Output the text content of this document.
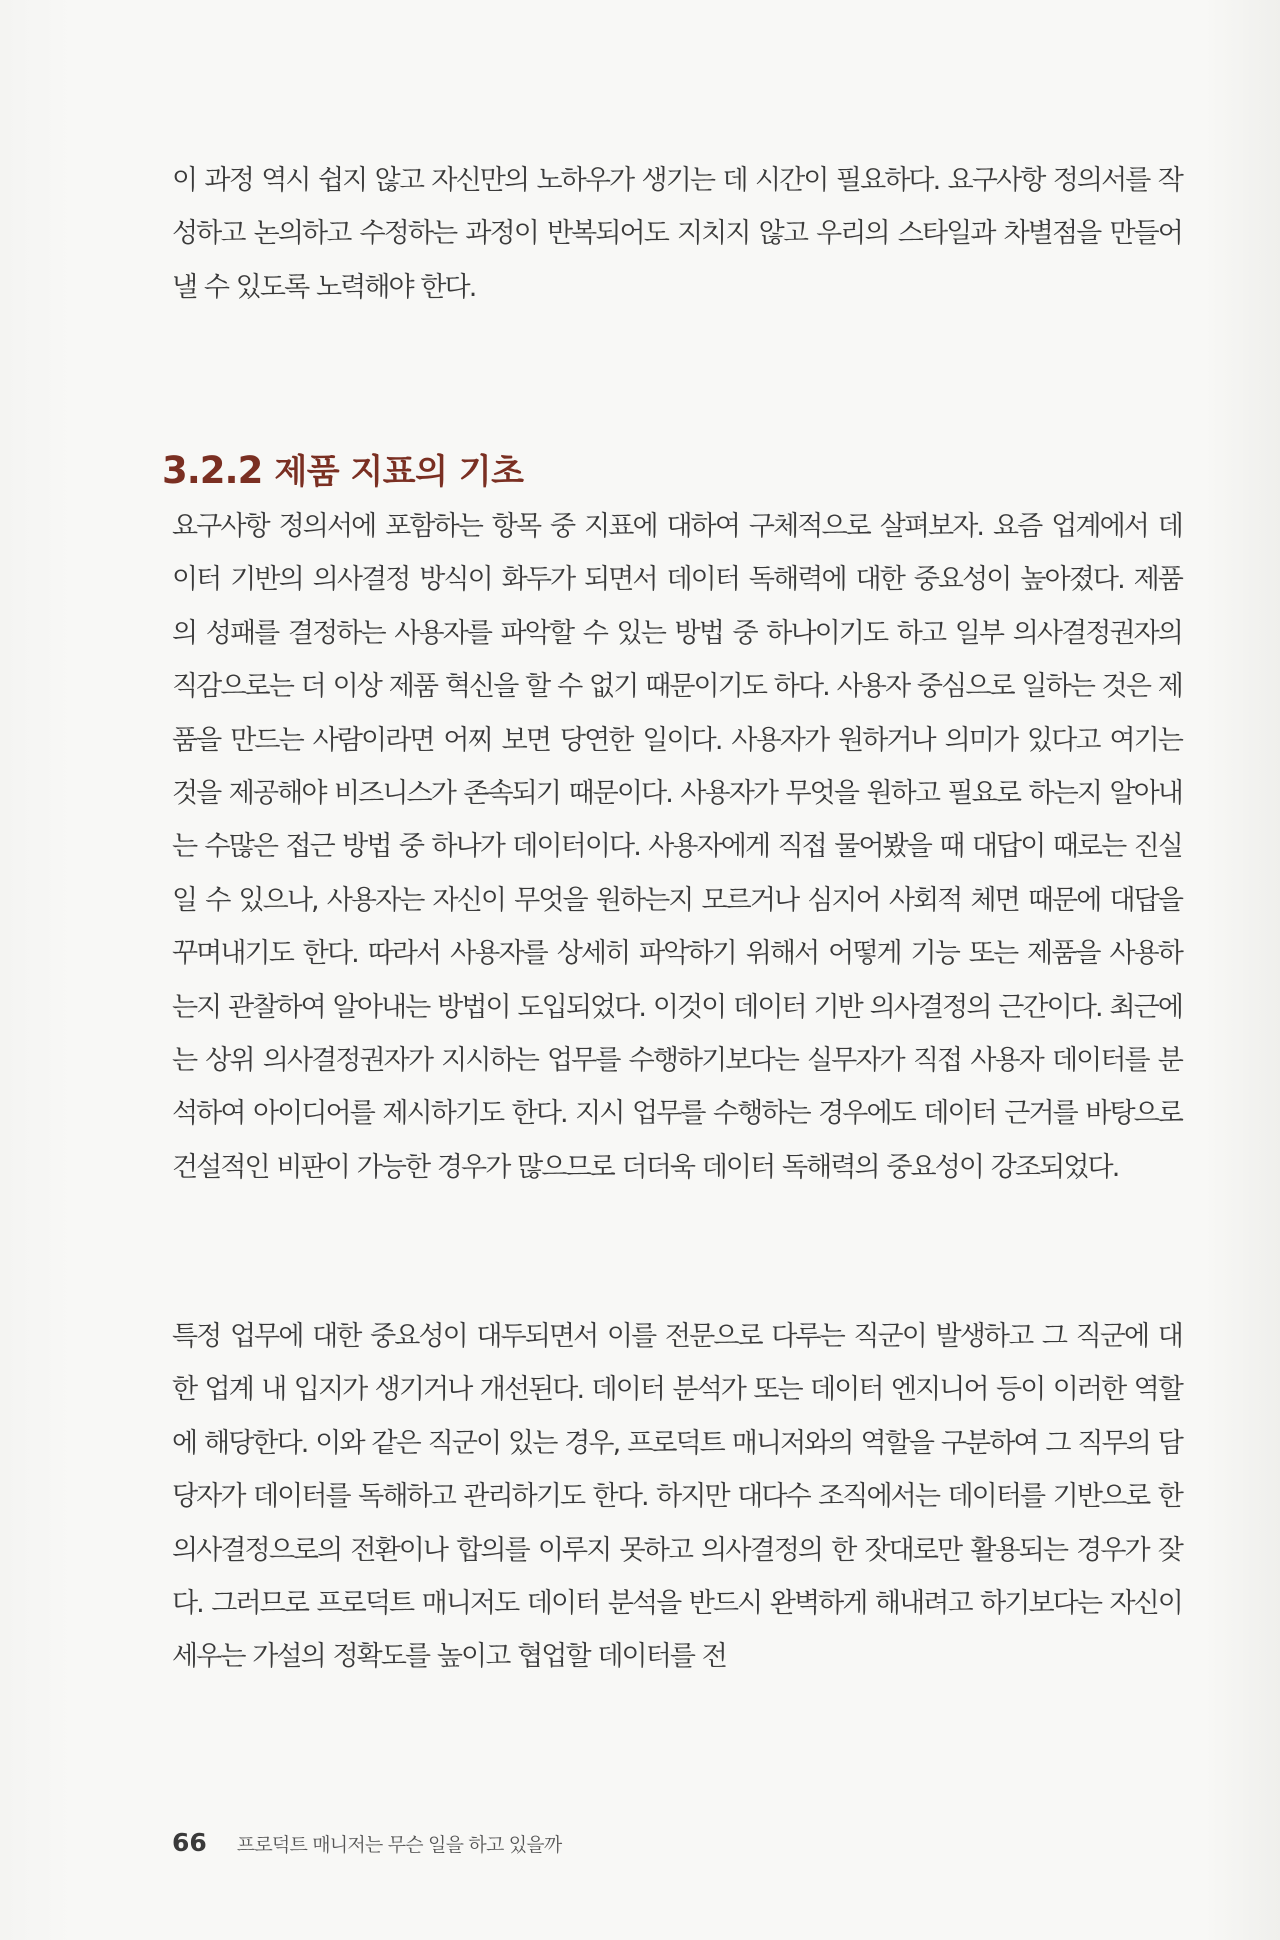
이 과정 역시 쉽지 않고 자신만의 노하우가 생기는 데 시간이 필요하다. 요구사항 정의서를 작성하고 논의하고 수정하는 과정이 반복되어도 지치지 않고 우리의 스타일과 차별점을 만들어 낼 수 있도록 노력해야 한다.

3.2.2 제품 지표의 기초

요구사항 정의서에 포함하는 항목 중 지표에 대하여 구체적으로 살펴보자. 요즘 업계에서 데이터 기반의 의사결정 방식이 화두가 되면서 데이터 독해력에 대한 중요성이 높아졌다. 제품의 성패를 결정하는 사용자를 파악할 수 있는 방법 중 하나이기도 하고 일부 의사결정권자의 직감으로는 더 이상 제품 혁신을 할 수 없기 때문이기도 하다. 사용자 중심으로 일하는 것은 제품을 만드는 사람이라면 어찌 보면 당연한 일이다. 사용자가 원하거나 의미가 있다고 여기는 것을 제공해야 비즈니스가 존속되기 때문이다. 사용자가 무엇을 원하고 필요로 하는지 알아내는 수많은 접근 방법 중 하나가 데이터이다. 사용자에게 직접 물어봤을 때 대답이 때로는 진실일 수 있으나, 사용자는 자신이 무엇을 원하는지 모르거나 심지어 사회적 체면 때문에 대답을 꾸며내기도 한다. 따라서 사용자를 상세히 파악하기 위해서 어떻게 기능 또는 제품을 사용하는지 관찰하여 알아내는 방법이 도입되었다. 이것이 데이터 기반 의사결정의 근간이다. 최근에는 상위 의사결정권자가 지시하는 업무를 수행하기보다는 실무자가 직접 사용자 데이터를 분석하여 아이디어를 제시하기도 한다. 지시 업무를 수행하는 경우에도 데이터 근거를 바탕으로 건설적인 비판이 가능한 경우가 많으므로 더더욱 데이터 독해력의 중요성이 강조되었다.

특정 업무에 대한 중요성이 대두되면서 이를 전문으로 다루는 직군이 발생하고 그 직군에 대한 업계 내 입지가 생기거나 개선된다. 데이터 분석가 또는 데이터 엔지니어 등이 이러한 역할에 해당한다. 이와 같은 직군이 있는 경우, 프로덕트 매니저와의 역할을 구분하여 그 직무의 담당자가 데이터를 독해하고 관리하기도 한다. 하지만 대다수 조직에서는 데이터를 기반으로 한 의사결정으로의 전환이나 합의를 이루지 못하고 의사결정의 한 잣대로만 활용되는 경우가 잦다. 그러므로 프로덕트 매니저도 데이터 분석을 반드시 완벽하게 해내려고 하기보다는 자신이 세우는 가설의 정확도를 높이고 협업할 데이터를 전

66 프로덕트 매니저는 무슨 일을 하고 있을까
